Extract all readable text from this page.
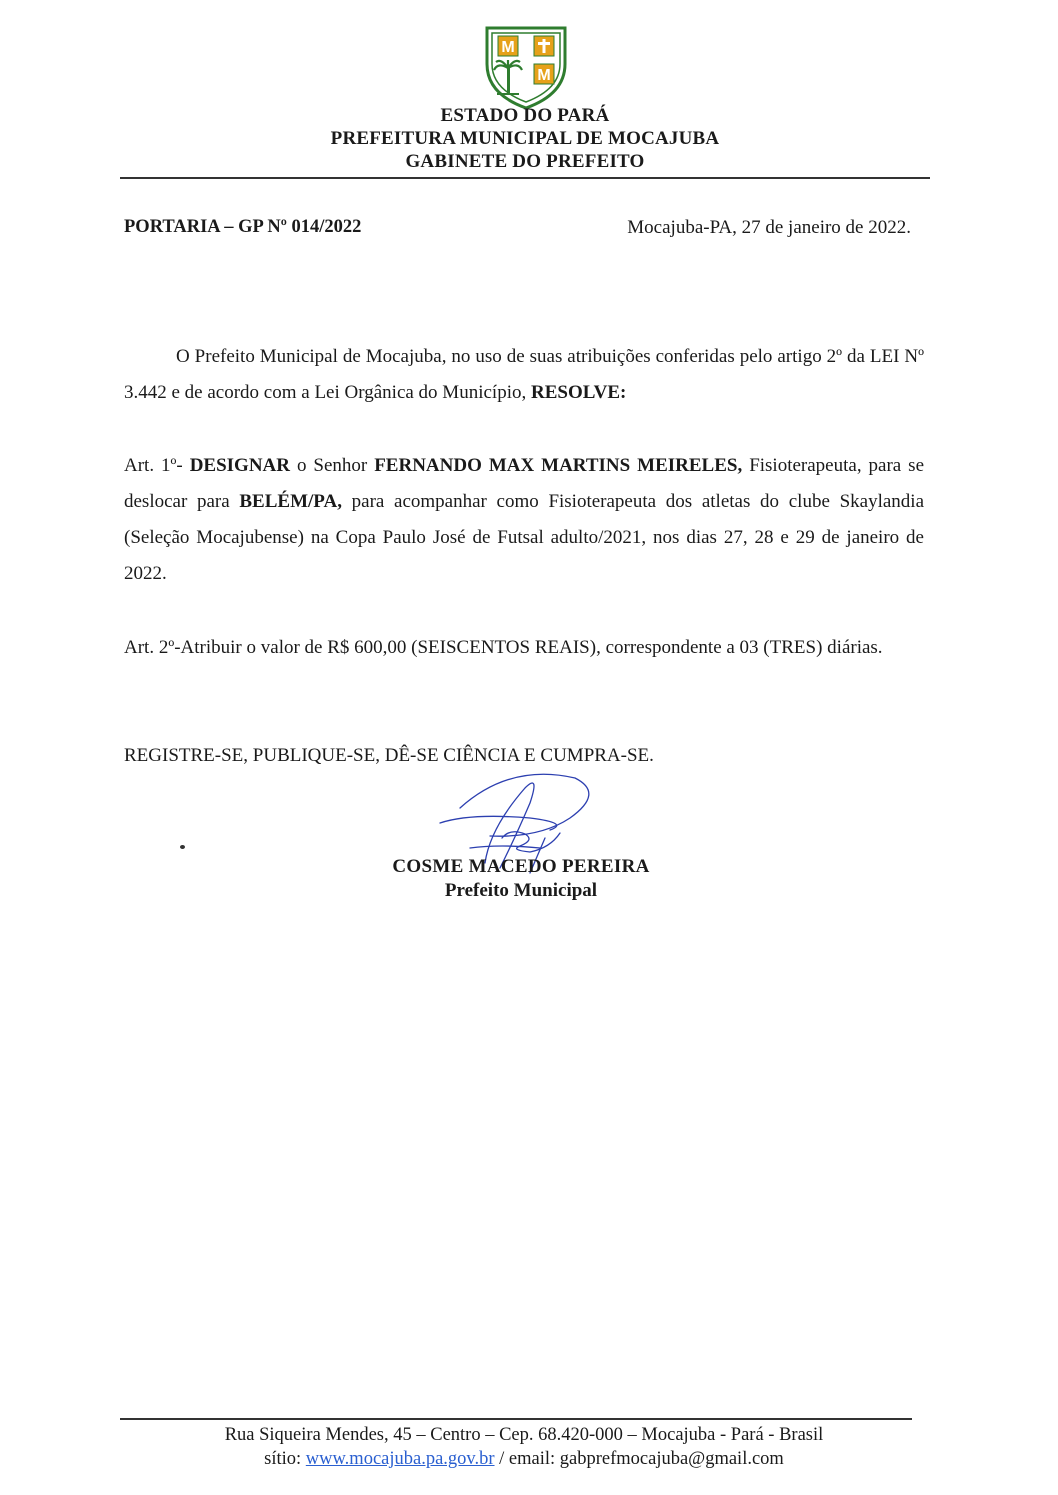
M
M
ESTADO DO PARÁ
PREFEITURA MUNICIPAL DE MOCAJUBA
GABINETE DO PREFEITO
PORTARIA – GP Nº 014/2022	Mocajuba-PA, 27 de janeiro de 2022.
O Prefeito Municipal de Mocajuba, no uso de suas atribuições conferidas pelo artigo 2º da LEI Nº 3.442 e de acordo com a Lei Orgânica do Município, RESOLVE:
Art. 1º- DESIGNAR o Senhor FERNANDO MAX MARTINS MEIRELES, Fisioterapeuta, para se deslocar para BELÉM/PA, para acompanhar como Fisioterapeuta dos atletas do clube Skaylandia (Seleção Mocajubense) na Copa Paulo José de Futsal adulto/2021, nos dias 27, 28 e 29 de janeiro de 2022.
Art. 2º-Atribuir o valor de R$ 600,00 (SEISCENTOS REAIS), correspondente a 03 (TRES) diárias.
REGISTRE-SE, PUBLIQUE-SE, DÊ-SE CIÊNCIA E CUMPRA-SE.
COSME MACEDO PEREIRA
Prefeito Municipal
Rua Siqueira Mendes, 45 – Centro – Cep. 68.420-000 – Mocajuba - Pará - Brasil
sítio: www.mocajuba.pa.gov.br / email: gabprefmocajuba@gmail.com
